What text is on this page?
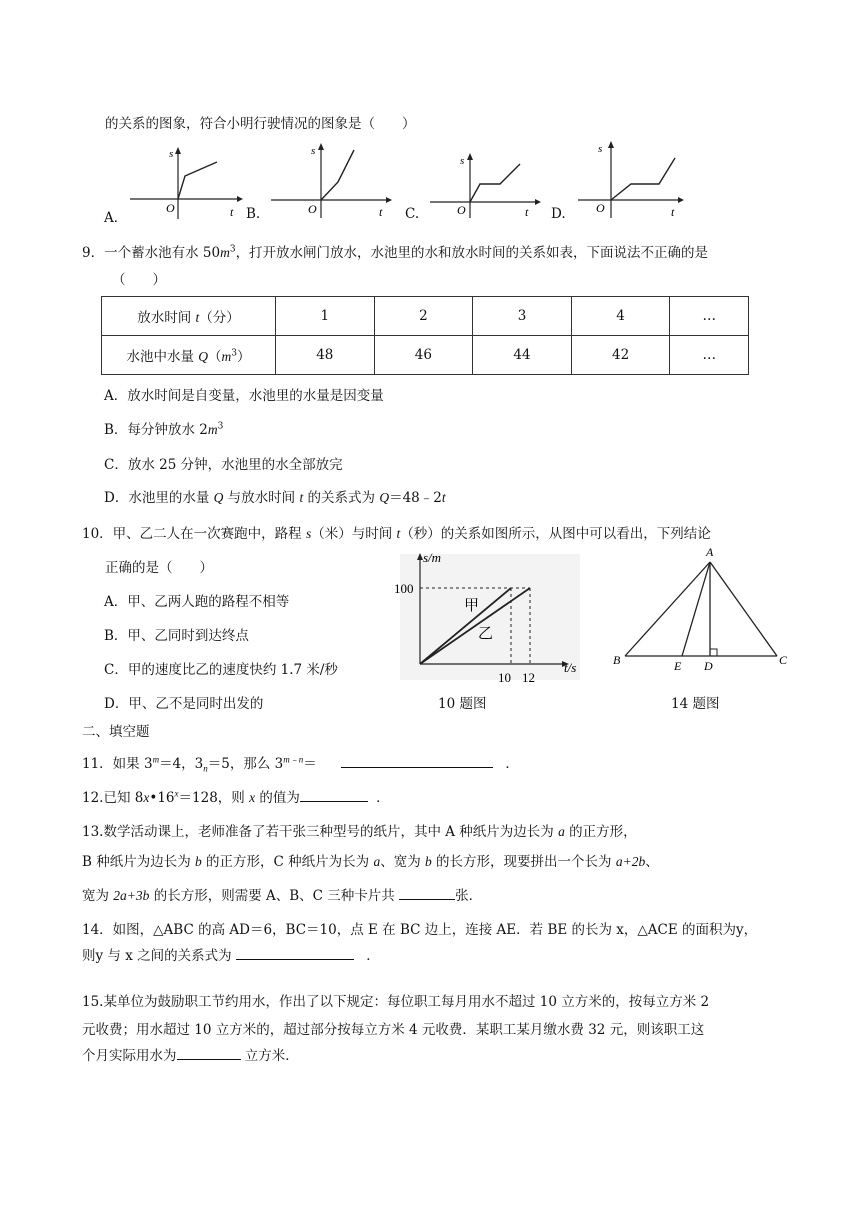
的关系的图象，符合小明行驶情况的图象是（　　）
A．
s
O	t B.
s
O	t C.
s
O	t D.
s
O	t
9．一个蓄水池有水 $50m^3$，打开放水闸门放水，水池里的水和放水时间的关系如表，下面说法不正确的是
（　　）
放水时间 t（分）	1	2	3	4	…
水池中水量 $Q(m^3)$	48	46	44	42	…
A．放水时间是自变量，水池里的水量是因变量
B．每分钟放水 $2m^3$
C．放水 25 分钟，水池里的水全部放完
D．水池里的水量 Q 与放水时间 t 的关系式为 Q＝48﹣2t
10．甲、乙二人在一次赛跑中，路程 s（米）与时间 t（秒）的关系如图所示，从图中可以看出，下列结论
正确的是（　　）
A．甲、乙两人跑的路程不相等
B．甲、乙同时到达终点
C．甲的速度比乙的速度快约 1.7 米/秒
D．甲、乙不是同时出发的
s/m
100
10 12
t/s
甲
乙
10 题图
A
B	C
E D
14 题图
二、填空题
11．如果 $3^m=4$，$3_n=5$，那么 $3^{m﹣n}=$	．
12.已知 $8x•16^x=128$，则 x 的值为	．
13.数学活动课上，老师准备了若干张三种型号的纸片，其中 A 种纸片为边长为 a 的正方形，
B 种纸片为边长为 b 的正方形，C 种纸片为长为 a、宽为 b 的长方形，现要拼出一个长为 a+2b、
宽为 2a+3b 的长方形，则需要 A、B、C 三种卡片共	张．
14．如图，△ABC 的高 AD＝6，BC＝10，点 E 在 BC 边上，连接 AE．若 BE 的长为 x，△ACE 的面积为y，
则y 与 x 之间的关系式为	．
15.某单位为鼓励职工节约用水，作出了以下规定：每位职工每月用水不超过 10 立方米的，按每立方米 2
元收费；用水超过 10 立方米的，超过部分按每立方米 4 元收费．某职工某月缴水费 32 元，则该职工这
个月实际用水为	立方米．
